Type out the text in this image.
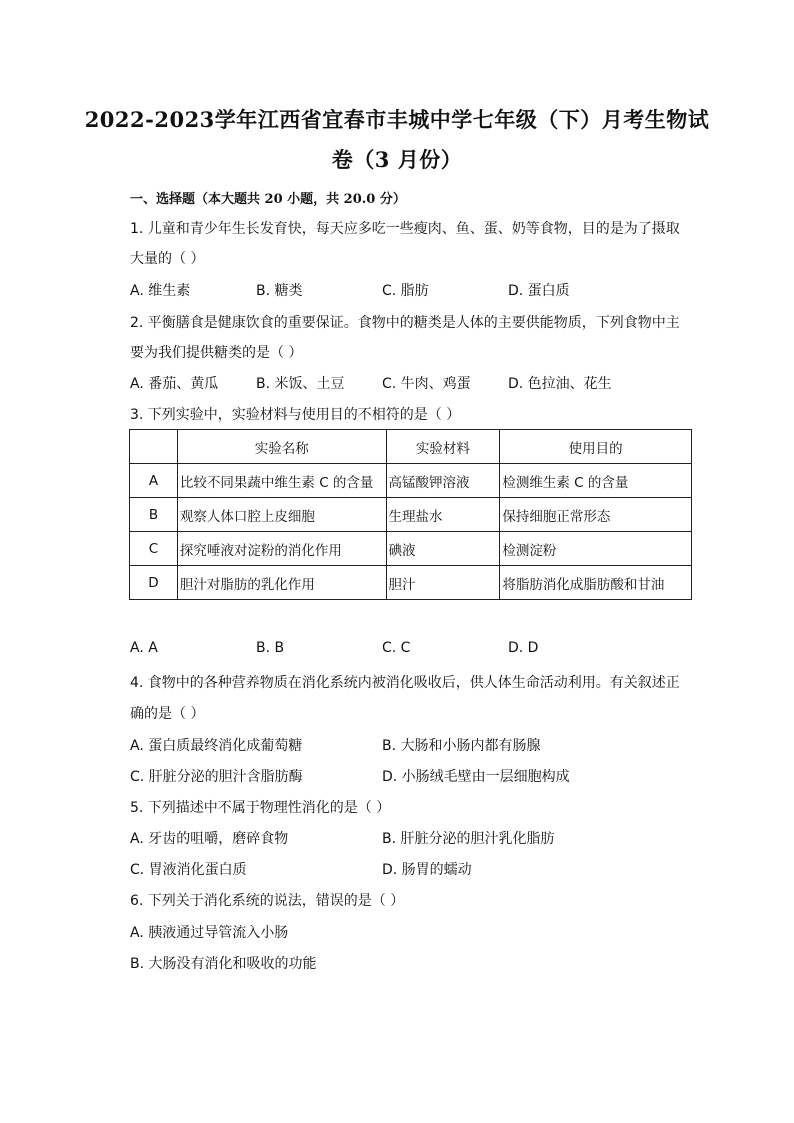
2022-2023学年江西省宜春市丰城中学七年级（下）月考生物试
卷（3 月份）
一、选择题（本大题共 20 小题，共 20.0 分）
1. 儿童和青少年生长发育快，每天应多吃一些瘦肉、鱼、蛋、奶等食物，目的是为了摄取
大量的（ ）
A. 维生素	B. 糖类	C. 脂肪	D. 蛋白质
2. 平衡膳食是健康饮食的重要保证。食物中的糖类是人体的主要供能物质，下列食物中主
要为我们提供糖类的是（ ）
A. 番茄、黄瓜	B. 米饭、土豆	C. 牛肉、鸡蛋	D. 色拉油、花生
3. 下列实验中，实验材料与使用目的不相符的是（ ）
	实验名称	实验材料	使用目的
A	比较不同果蔬中维生素 C 的含量	高锰酸钾溶液	检测维生素 C 的含量
B	观察人体口腔上皮细胞	生理盐水	保持细胞正常形态
C	探究唾液对淀粉的消化作用	碘液	检测淀粉
D	胆汁对脂肪的乳化作用	胆汁	将脂肪消化成脂肪酸和甘油
A. A	B. B	C. C	D. D
4. 食物中的各种营养物质在消化系统内被消化吸收后，供人体生命活动利用。有关叙述正
确的是（ ）
A. 蛋白质最终消化成葡萄糖	B. 大肠和小肠内都有肠腺
C. 肝脏分泌的胆汁含脂肪酶	D. 小肠绒毛壁由一层细胞构成
5. 下列描述中不属于物理性消化的是（ ）
A. 牙齿的咀嚼，磨碎食物	B. 肝脏分泌的胆汁乳化脂肪
C. 胃液消化蛋白质	D. 肠胃的蠕动
6. 下列关于消化系统的说法，错误的是（ ）
A. 胰液通过导管流入小肠
B. 大肠没有消化和吸收的功能
